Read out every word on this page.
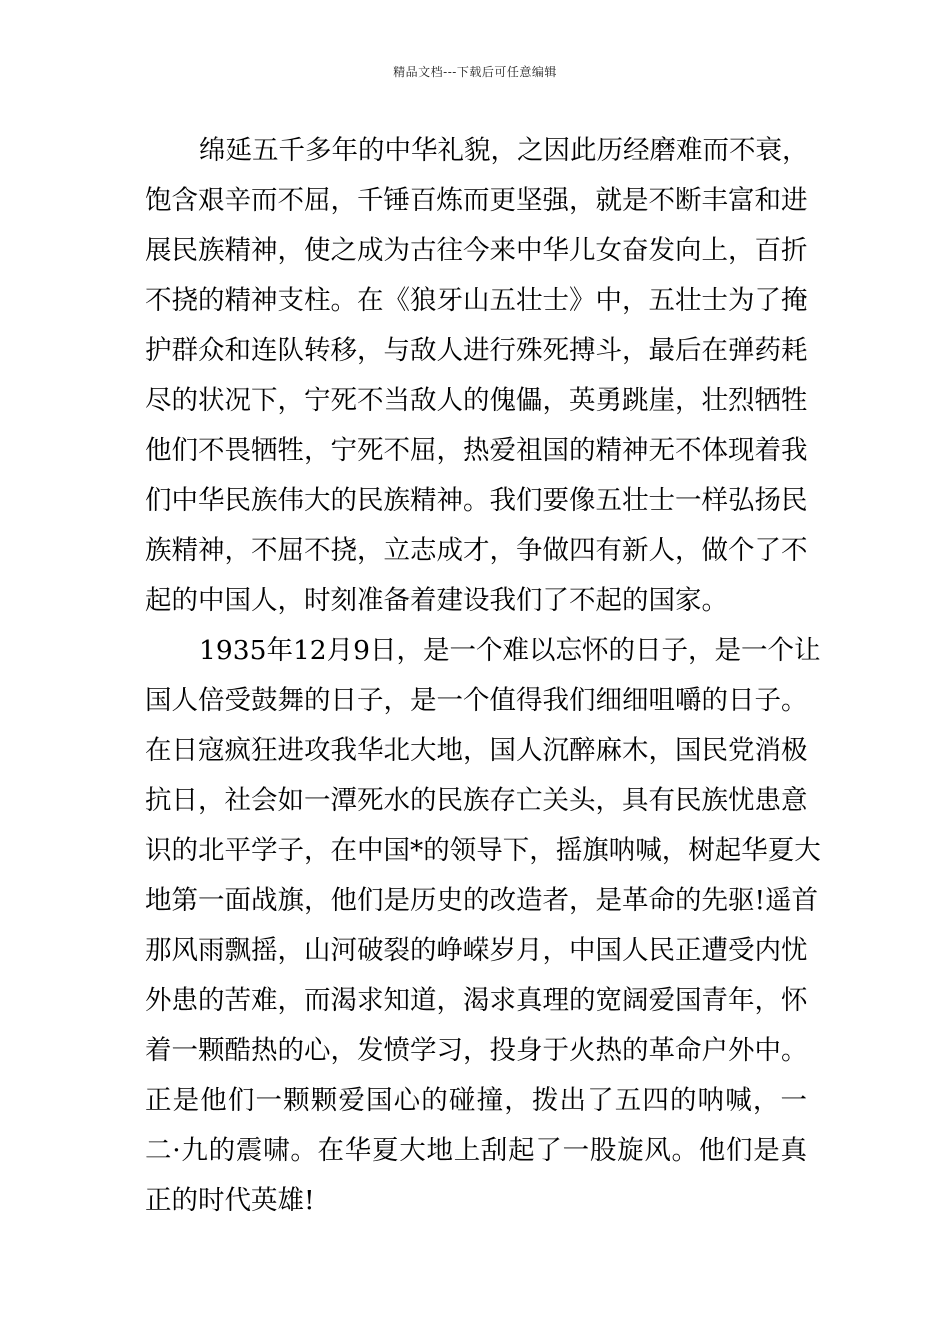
精品文档---下载后可任意编辑
绵延五千多年的中华礼貌，之因此历经磨难而不衰，
饱含艰辛而不屈，千锤百炼而更坚强，就是不断丰富和进
展民族精神，使之成为古往今来中华儿女奋发向上，百折
不挠的精神支柱。在《狼牙山五壮士》中，五壮士为了掩
护群众和连队转移，与敌人进行殊死搏斗，最后在弹药耗
尽的状况下，宁死不当敌人的傀儡，英勇跳崖，壮烈牺牲
他们不畏牺牲，宁死不屈，热爱祖国的精神无不体现着我
们中华民族伟大的民族精神。我们要像五壮士一样弘扬民
族精神，不屈不挠，立志成才，争做四有新人，做个了不
起的中国人，时刻准备着建设我们了不起的国家。
1935年12月9日，是一个难以忘怀的日子，是一个让
国人倍受鼓舞的日子，是一个值得我们细细咀嚼的日子。
在日寇疯狂进攻我华北大地，国人沉醉麻木，国民党消极
抗日，社会如一潭死水的民族存亡关头，具有民族忧患意
识的北平学子，在中国*的领导下，摇旗呐喊，树起华夏大
地第一面战旗，他们是历史的改造者，是革命的先驱!遥首
那风雨飘摇，山河破裂的峥嵘岁月，中国人民正遭受内忧
外患的苦难，而渴求知道，渴求真理的宽阔爱国青年，怀
着一颗酷热的心，发愤学习，投身于火热的革命户外中。
正是他们一颗颗爱国心的碰撞，拨出了五四的呐喊，一
二·九的震啸。在华夏大地上刮起了一股旋风。他们是真
正的时代英雄!
